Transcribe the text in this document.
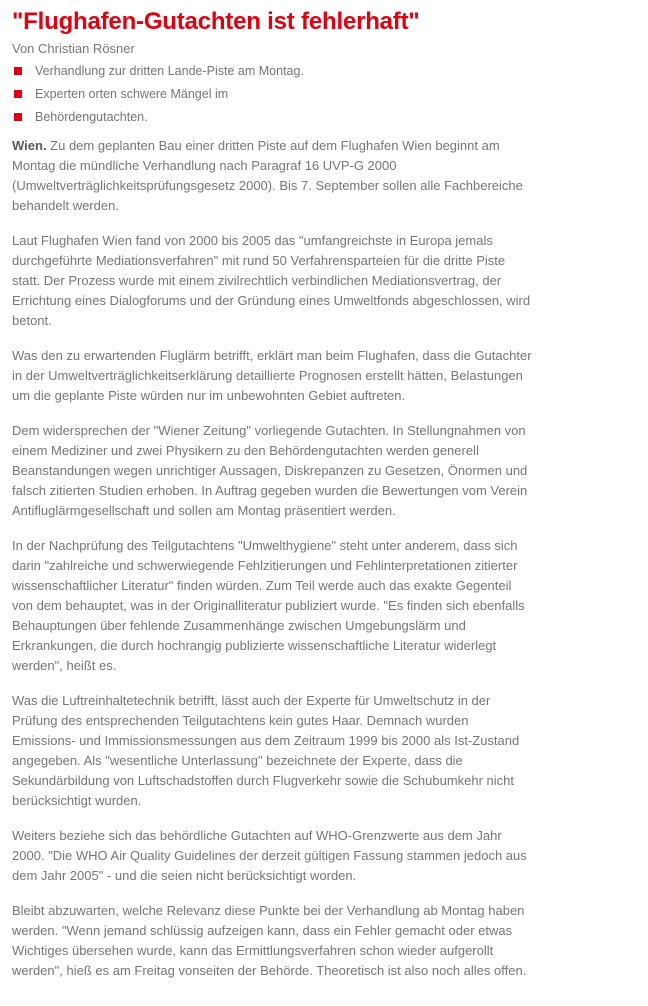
"Flughafen-Gutachten ist fehlerhaft"
Von Christian Rösner
Verhandlung zur dritten Lande-Piste am Montag.
Experten orten schwere Mängel im
Behördengutachten.

Wien. Zu dem geplanten Bau einer dritten Piste auf dem Flughafen Wien beginnt am Montag die mündliche Verhandlung nach Paragraf 16 UVP-G 2000 (Umweltverträglichkeitsprüfungsgesetz 2000). Bis 7. September sollen alle Fachbereiche behandelt werden.

Laut Flughafen Wien fand von 2000 bis 2005 das "umfangreichste in Europa jemals durchgeführte Mediationsverfahren" mit rund 50 Verfahrensparteien für die dritte Piste statt. Der Prozess wurde mit einem zivilrechtlich verbindlichen Mediationsvertrag, der Errichtung eines Dialogforums und der Gründung eines Umweltfonds abgeschlossen, wird betont.

Was den zu erwartenden Fluglärm betrifft, erklärt man beim Flughafen, dass die Gutachter in der Umweltverträglichkeitserklärung detaillierte Prognosen erstellt hätten, Belastungen um die geplante Piste würden nur im unbewohnten Gebiet auftreten.

Dem widersprechen der "Wiener Zeitung" vorliegende Gutachten. In Stellungnahmen von einem Mediziner und zwei Physikern zu den Behördengutachten werden generell Beanstandungen wegen unrichtiger Aussagen, Diskrepanzen zu Gesetzen, Önormen und falsch zitierten Studien erhoben. In Auftrag gegeben wurden die Bewertungen vom Verein Antifluglärmgesellschaft und sollen am Montag präsentiert werden.

In der Nachprüfung des Teilgutachtens "Umwelthygiene" steht unter anderem, dass sich darin "zahlreiche und schwerwiegende Fehlzitierungen und Fehlinterpretationen zitierter wissenschaftlicher Literatur" finden würden. Zum Teil werde auch das exakte Gegenteil von dem behauptet, was in der Originalliteratur publiziert wurde. "Es finden sich ebenfalls Behauptungen über fehlende Zusammenhänge zwischen Umgebungslärm und Erkrankungen, die durch hochrangig publizierte wissenschaftliche Literatur widerlegt werden", heißt es.

Was die Luftreinhaltetechnik betrifft, lässt auch der Experte für Umweltschutz in der Prüfung des entsprechenden Teilgutachtens kein gutes Haar. Demnach wurden Emissions- und Immissionsmessungen aus dem Zeitraum 1999 bis 2000 als Ist-Zustand angegeben. Als "wesentliche Unterlassung" bezeichnete der Experte, dass die Sekundärbildung von Luftschadstoffen durch Flugverkehr sowie die Schubumkehr nicht berücksichtigt wurden.

Weiters beziehe sich das behördliche Gutachten auf WHO-Grenzwerte aus dem Jahr 2000. "Die WHO Air Quality Guidelines der derzeit gültigen Fassung stammen jedoch aus dem Jahr 2005" - und die seien nicht berücksichtigt worden.

Bleibt abzuwarten, welche Relevanz diese Punkte bei der Verhandlung ab Montag haben werden. "Wenn jemand schlüssig aufzeigen kann, dass ein Fehler gemacht oder etwas Wichtiges übersehen wurde, kann das Ermittlungsverfahren schon wieder aufgerollt werden", hieß es am Freitag vonseiten der Behörde. Theoretisch ist also noch alles offen.
